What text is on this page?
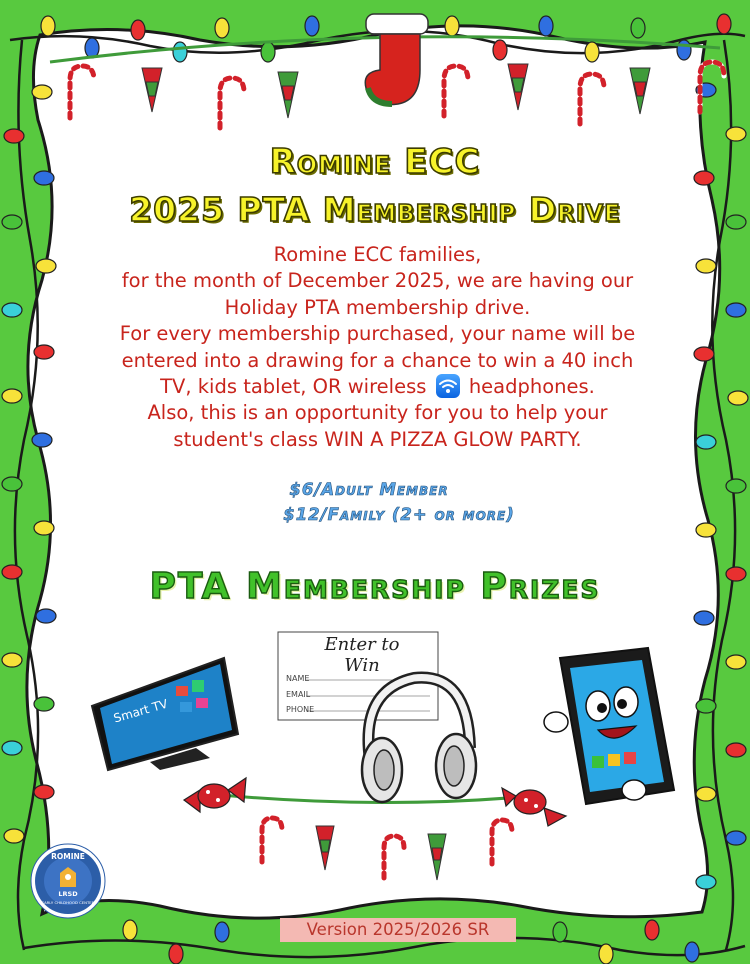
Romine ECC
2025 PTA Membership Drive
Romine ECC families,
for the month of December 2025, we are having our
Holiday PTA membership drive.
For every membership purchased, your name will be
entered into a drawing for a chance to win a 40 inch
TV, kids tablet, OR wireless headphones.
Also, this is an opportunity for you to help your
student's class WIN A PIZZA GLOW PARTY.
$6/Adult Member
$12/Family (2+ or more)
PTA Membership Prizes
Smart TV
Enter to Win
NAME
EMAIL
PHONE
ROMINE
LRSD
EARLY CHILDHOOD CENTER
Version 2025/2026 SR
